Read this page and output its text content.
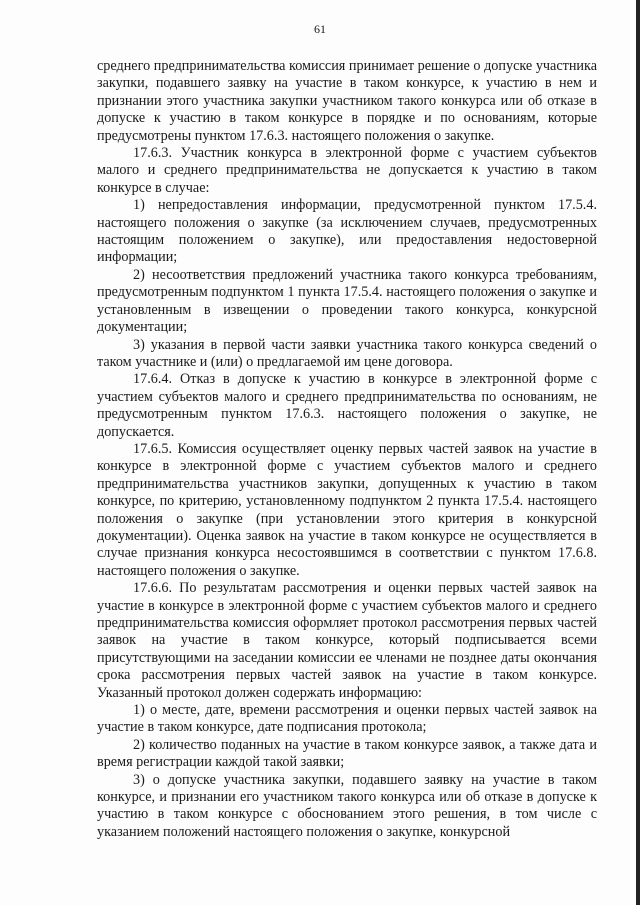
61

среднего предпринимательства комиссия принимает решение о допуске участника закупки, подавшего заявку на участие в таком конкурсе, к участию в нем и признании этого участника закупки участником такого конкурса или об отказе в допуске к участию в таком конкурсе в порядке и по основаниям, которые предусмотрены пунктом 17.6.3. настоящего положения о закупке.

17.6.3. Участник конкурса в электронной форме с участием субъектов малого и среднего предпринимательства не допускается к участию в таком конкурсе в случае:

1) непредоставления информации, предусмотренной пунктом 17.5.4. настоящего положения о закупке (за исключением случаев, предусмотренных настоящим положением о закупке), или предоставления недостоверной информации;

2) несоответствия предложений участника такого конкурса требованиям, предусмотренным подпунктом 1 пункта 17.5.4. настоящего положения о закупке и установленным в извещении о проведении такого конкурса, конкурсной документации;

3) указания в первой части заявки участника такого конкурса сведений о таком участнике и (или) о предлагаемой им цене договора.

17.6.4. Отказ в допуске к участию в конкурсе в электронной форме с участием субъектов малого и среднего предпринимательства по основаниям, не предусмотренным пунктом 17.6.3. настоящего положения о закупке, не допускается.

17.6.5. Комиссия осуществляет оценку первых частей заявок на участие в конкурсе в электронной форме с участием субъектов малого и среднего предпринимательства участников закупки, допущенных к участию в таком конкурсе, по критерию, установленному подпунктом 2 пункта 17.5.4. настоящего положения о закупке (при установлении этого критерия в конкурсной документации). Оценка заявок на участие в таком конкурсе не осуществляется в случае признания конкурса несостоявшимся в соответствии с пунктом 17.6.8. настоящего положения о закупке.

17.6.6. По результатам рассмотрения и оценки первых частей заявок на участие в конкурсе в электронной форме с участием субъектов малого и среднего предпринимательства комиссия оформляет протокол рассмотрения первых частей заявок на участие в таком конкурсе, который подписывается всеми присутствующими на заседании комиссии ее членами не позднее даты окончания срока рассмотрения первых частей заявок на участие в таком конкурсе. Указанный протокол должен содержать информацию:

1) о месте, дате, времени рассмотрения и оценки первых частей заявок на участие в таком конкурсе, дате подписания протокола;

2) количество поданных на участие в таком конкурсе заявок, а также дата и время регистрации каждой такой заявки;

3) о допуске участника закупки, подавшего заявку на участие в таком конкурсе, и признании его участником такого конкурса или об отказе в допуске к участию в таком конкурсе с обоснованием этого решения, в том числе с указанием положений настоящего положения о закупке, конкурсной
